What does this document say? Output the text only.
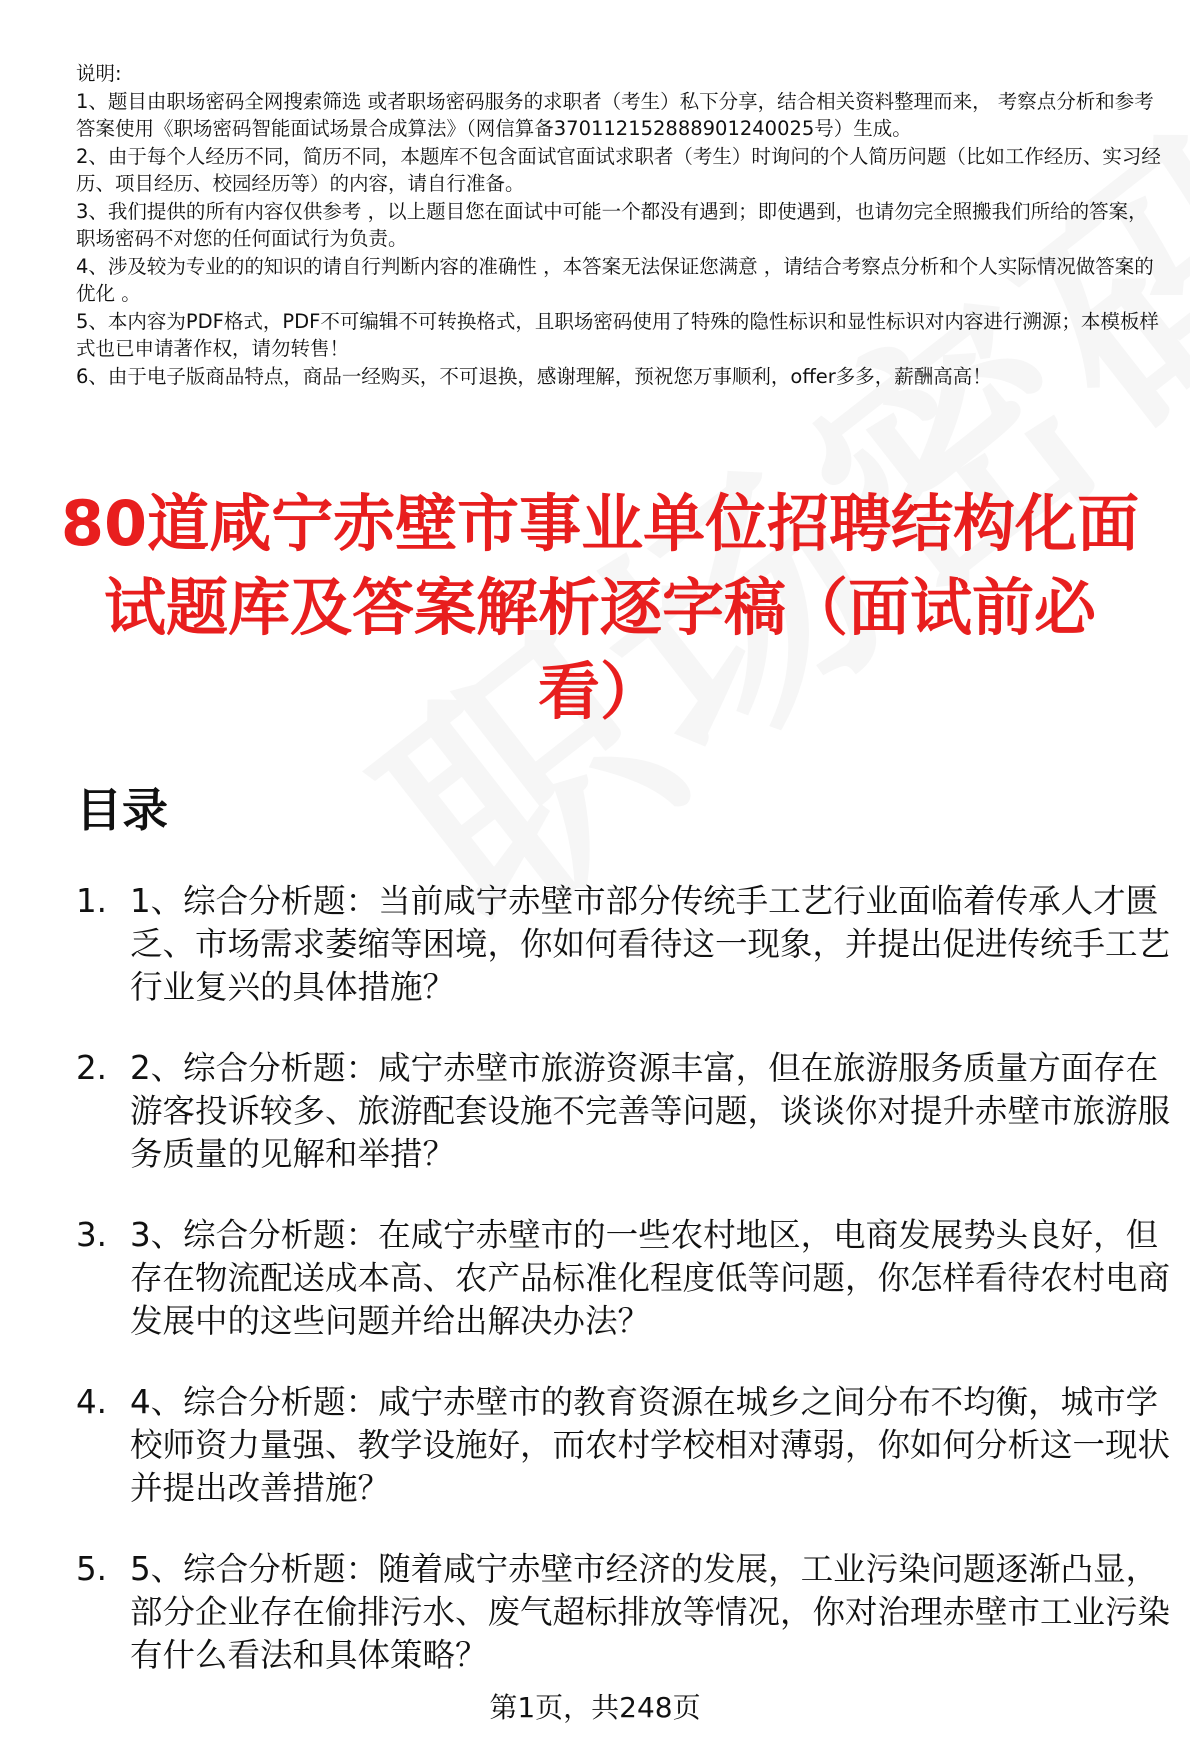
说明:

1、题目由职场密码全网搜索筛选 或者职场密码服务的求职者（考生）私下分享，结合相关资料整理而来， 考察点分析和参考答案使用《职场密码智能面试场景合成算法》（网信算备370112152888901240025号）生成。

2、由于每个人经历不同，简历不同，本题库不包含面试官面试求职者（考生）时询问的个人简历问题（比如工作经历、实习经历、项目经历、校园经历等）的内容，请自行准备。

3、我们提供的所有内容仅供参考 ，以上题目您在面试中可能一个都没有遇到；即使遇到，也请勿完全照搬我们所给的答案，职场密码不对您的任何面试行为负责。

4、涉及较为专业的的知识的请自行判断内容的准确性 ，本答案无法保证您满意 ，请结合考察点分析和个人实际情况做答案的优化 。

5、本内容为PDF格式，PDF不可编辑不可转换格式，且职场密码使用了特殊的隐性标识和显性标识对内容进行溯源；本模板样式也已申请著作权，请勿转售！

6、由于电子版商品特点，商品一经购买，不可退换，感谢理解，预祝您万事顺利，offer多多，薪酬高高！

80道咸宁赤壁市事业单位招聘结构化面试题库及答案解析逐字稿（面试前必看）
目录
1. 1、综合分析题：当前咸宁赤壁市部分传统手工艺行业面临着传承人才匮乏、市场需求萎缩等困境，你如何看待这一现象，并提出促进传统手工艺行业复兴的具体措施？
2. 2、综合分析题：咸宁赤壁市旅游资源丰富，但在旅游服务质量方面存在游客投诉较多、旅游配套设施不完善等问题，谈谈你对提升赤壁市旅游服务质量的见解和举措？
3. 3、综合分析题：在咸宁赤壁市的一些农村地区，电商发展势头良好，但存在物流配送成本高、农产品标准化程度低等问题，你怎样看待农村电商发展中的这些问题并给出解决办法？
4. 4、综合分析题：咸宁赤壁市的教育资源在城乡之间分布不均衡，城市学校师资力量强、教学设施好，而农村学校相对薄弱，你如何分析这一现状并提出改善措施？
5. 5、综合分析题：随着咸宁赤壁市经济的发展，工业污染问题逐渐凸显，部分企业存在偷排污水、废气超标排放等情况，你对治理赤壁市工业污染有什么看法和具体策略？
第1页，共248页
